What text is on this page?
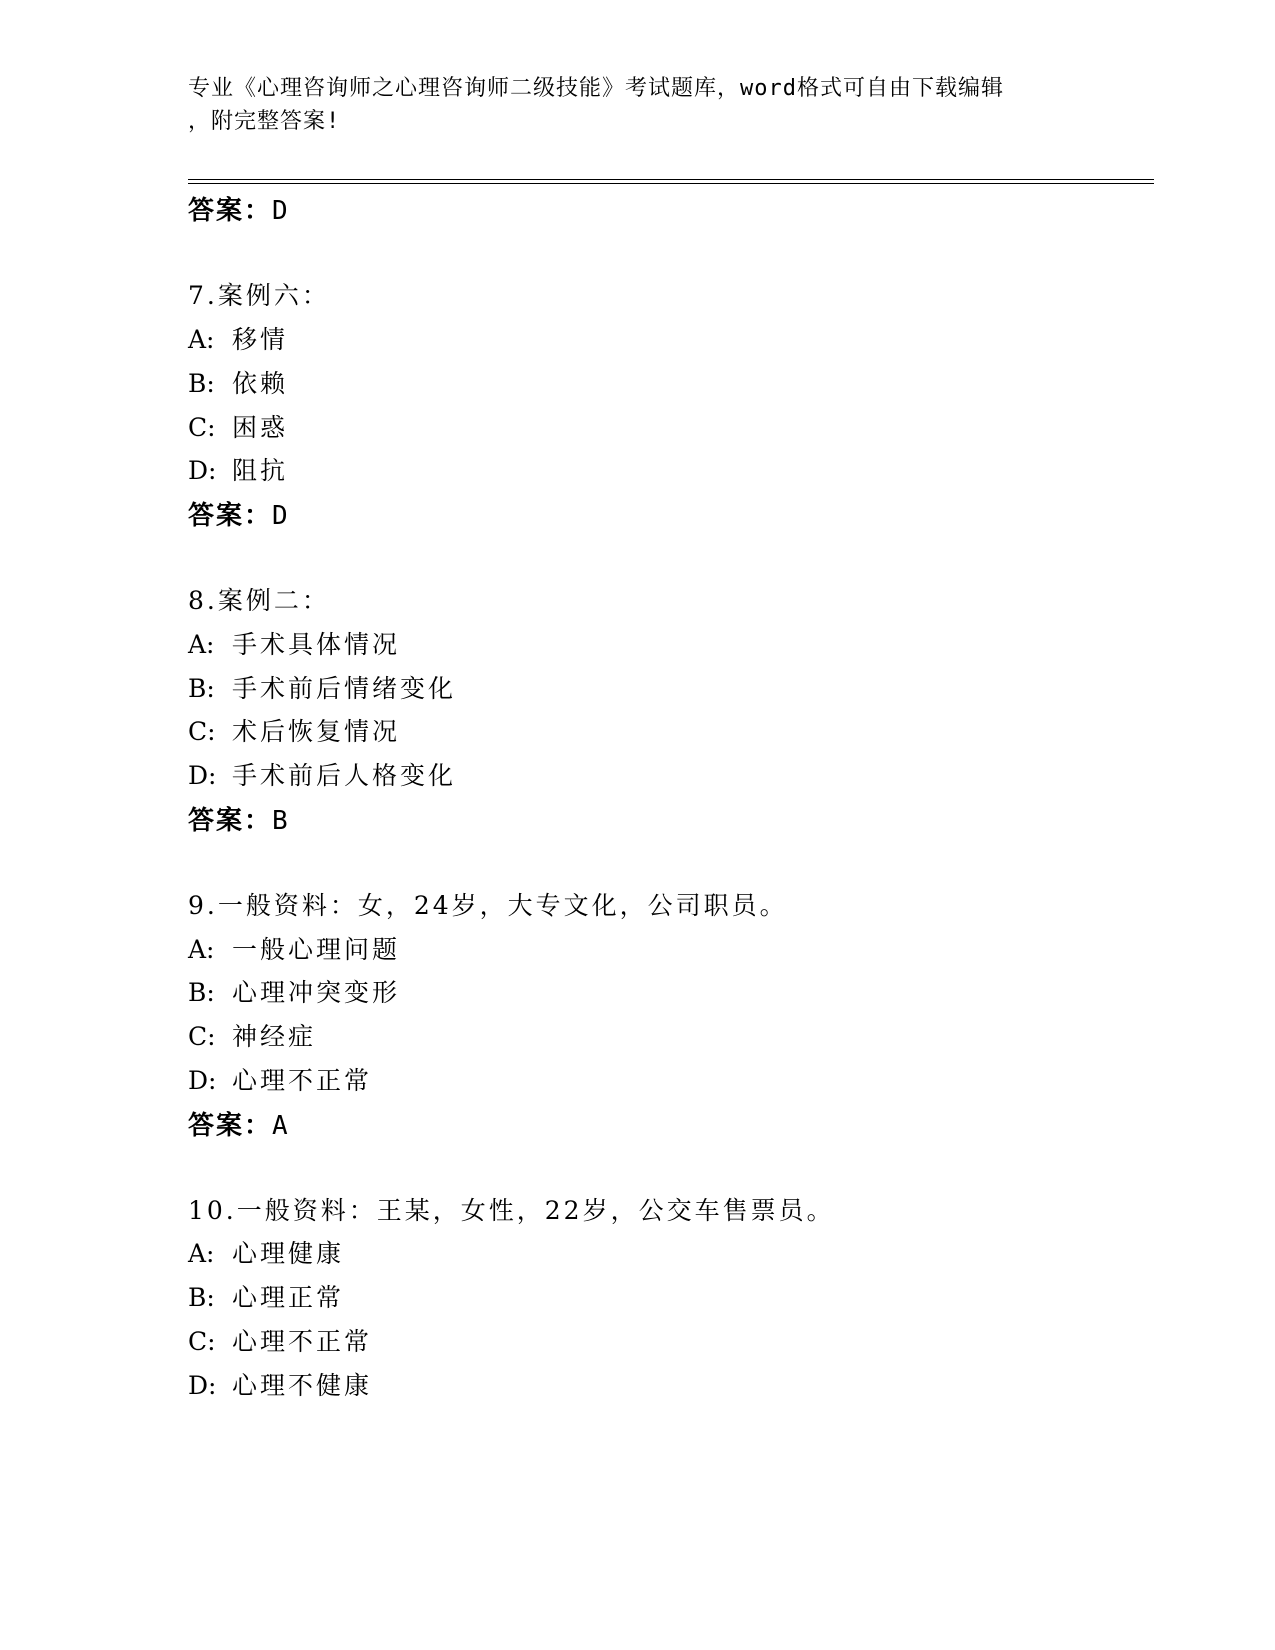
专业《心理咨询师之心理咨询师二级技能》考试题库，word格式可自由下载编辑
，附完整答案!
答案：D
7.案例六：
A: 移情
B: 依赖
C: 困惑
D: 阻抗
答案：D
8.案例二：
A: 手术具体情况
B: 手术前后情绪变化
C: 术后恢复情况
D: 手术前后人格变化
答案：B
9.一般资料：女，24岁，大专文化，公司职员。
A: 一般心理问题
B: 心理冲突变形
C: 神经症
D: 心理不正常
答案：A
10.一般资料：王某，女性，22岁，公交车售票员。
A: 心理健康
B: 心理正常
C: 心理不正常
D: 心理不健康
